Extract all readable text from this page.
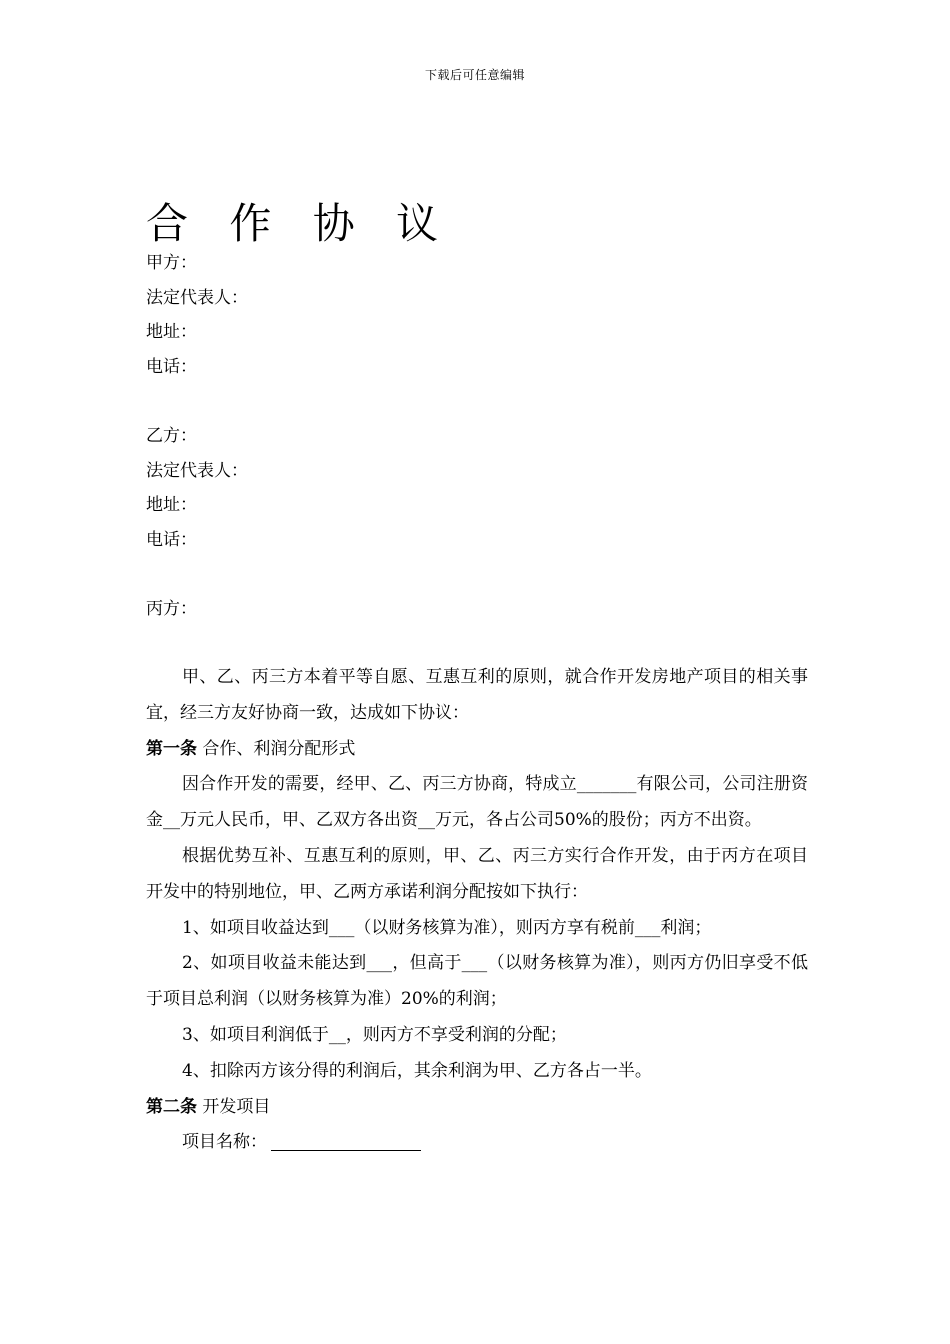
下载后可任意编辑
合 作 协 议
甲方：
法定代表人：
地址：
电话：
乙方：
法定代表人：
地址：
电话：
丙方：

甲、乙、丙三方本着平等自愿、互惠互利的原则，就合作开发房地产项目的相关事宜，经三方友好协商一致，达成如下协议：

第一条 合作、利润分配形式

因合作开发的需要，经甲、乙、丙三方协商，特成立_______有限公司，公司注册资金__万元人民币，甲、乙双方各出资__万元，各占公司50%的股份；丙方不出资。

根据优势互补、互惠互利的原则，甲、乙、丙三方实行合作开发，由于丙方在项目开发中的特别地位，甲、乙两方承诺利润分配按如下执行：

1、如项目收益达到___（以财务核算为准），则丙方享有税前___利润；

2、如项目收益未能达到___，但高于___（以财务核算为准），则丙方仍旧享受不低于项目总利润（以财务核算为准）20%的利润；

3、如项目利润低于__，则丙方不享受利润的分配；

4、扣除丙方该分得的利润后，其余利润为甲、乙方各占一半。

第二条 开发项目

项目名称：
